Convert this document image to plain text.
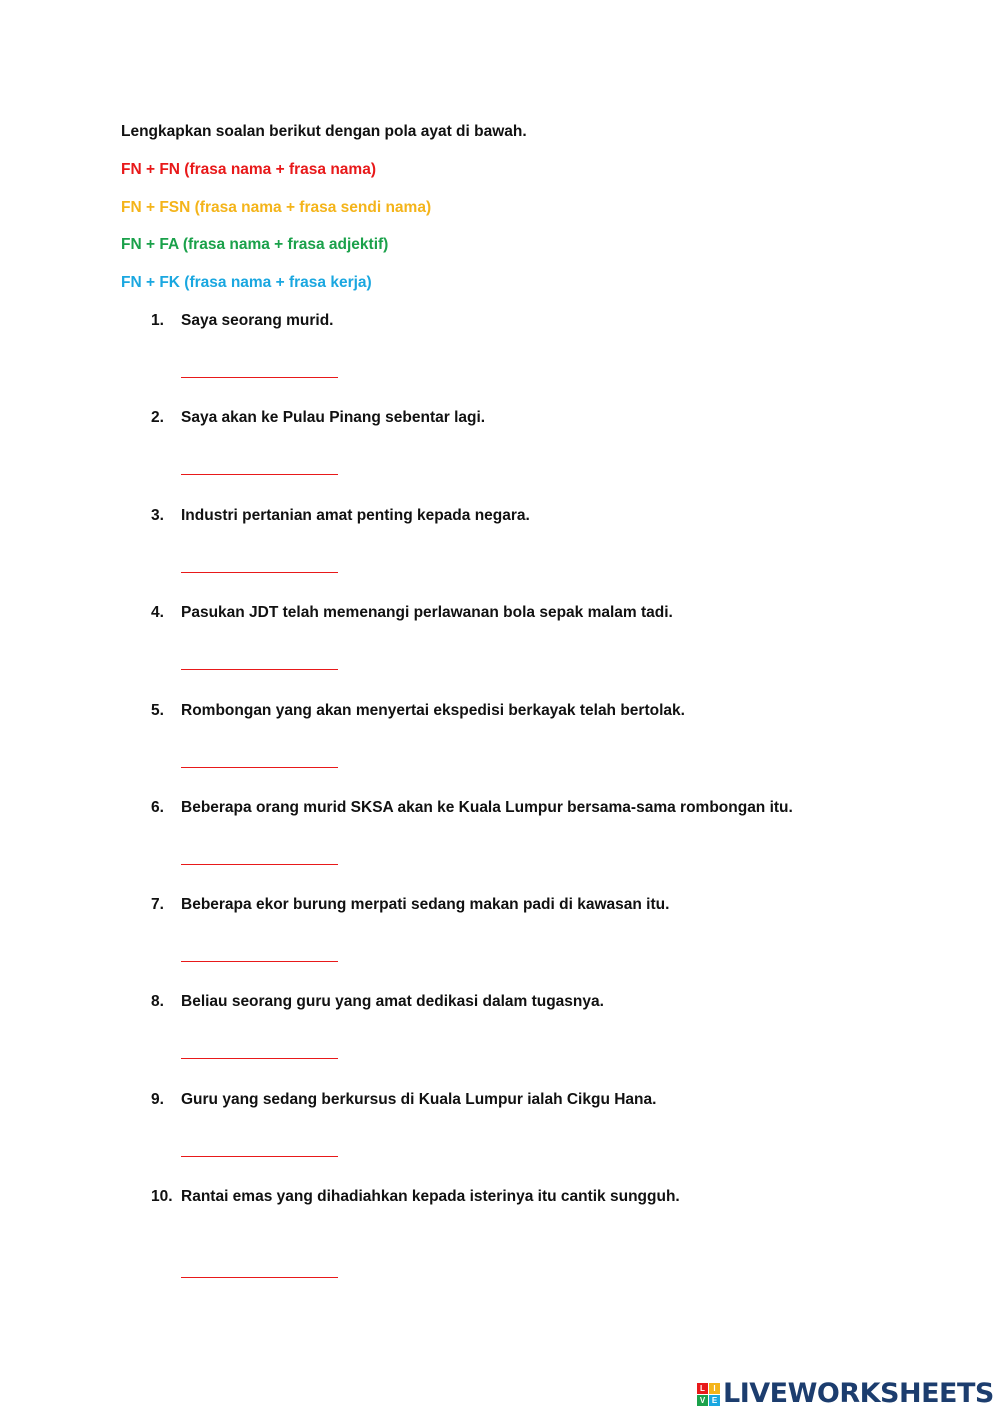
Lengkapkan soalan berikut dengan pola ayat di bawah.
FN + FN (frasa nama + frasa nama)
FN + FSN (frasa nama + frasa sendi nama)
FN + FA (frasa nama + frasa adjektif)
FN + FK (frasa nama + frasa kerja)
1. Saya seorang murid.
2. Saya akan ke Pulau Pinang sebentar lagi.
3. Industri pertanian amat penting kepada negara.
4. Pasukan JDT telah memenangi perlawanan bola sepak malam tadi.
5. Rombongan yang akan menyertai ekspedisi berkayak telah bertolak.
6. Beberapa orang murid SKSA akan ke Kuala Lumpur bersama-sama rombongan itu.
7. Beberapa ekor burung merpati sedang makan padi di kawasan itu.
8. Beliau seorang guru yang amat dedikasi dalam tugasnya.
9. Guru yang sedang berkursus di Kuala Lumpur ialah Cikgu Hana.
10. Rantai emas yang dihadiahkan kepada isterinya itu cantik sungguh.
L	I
V E LIVEWORKSHEETS
